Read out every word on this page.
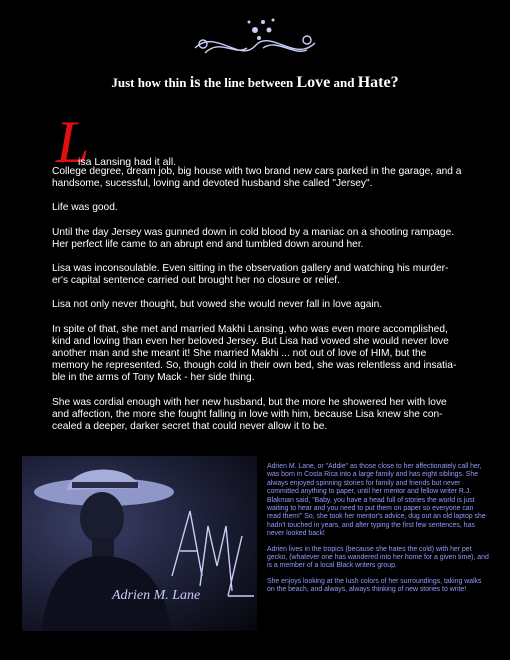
Just how thin is the line between Love and Hate?
L
isa Lansing had it all.

College degree, dream job, big house with two brand new cars parked in the garage, and a handsome, sucessful, loving and devoted husband she called "Jersey".

Life was good.

Until the day Jersey was gunned down in cold blood by a maniac on a shooting rampage. Her perfect life came to an abrupt end and tumbled down around her.

Lisa was inconsoulable. Even sitting in the observation gallery and watching his murder-er's capital sentence carried out brought her no closure or relief.

Lisa not only never thought, but vowed she would never fall in love again.

In spite of that, she met and married Makhi Lansing, who was even more accomplished, kind and loving than even her beloved Jersey. But Lisa had vowed she would never love another man and she meant it! She married Makhi ... not out of love of HIM, but the memory he represented. So, though cold in their own bed, she was relentless and insatia-ble in the arms of Tony Mack - her side thing.

She was cordial enough with her new husband, but the more he showered her with love and affection, the more she fought falling in love with him, because Lisa knew she con-cealed a deeper, darker secret that could never allow it to be.

Adrien M. Lane

Adrien M. Lane, or "Addie" as those close to her affectionately call her, was born in Costa Rica into a large family and has eight siblings. She always enjoyed spinning stories for family and friends but never committed anything to paper, until her mentor and fellow writer R.J. Blakman said, "Baby, you have a head full of stories the world is just waiting to hear and you need to put them on paper so everyone can read them!" So, she took her mentor's advice, dug out an old laptop she hadn't touched in years, and after typing the first few sentences, has never looked back!

Adrien lives in the tropics (because she hates the cold) with her pet gecko, (whatever one has wandered into her home for a given time), and is a member of a local Black writers group.

She enjoys looking at the lush colors of her surroundings, taking walks on the beach, and always, always thinking of new stories to write!
